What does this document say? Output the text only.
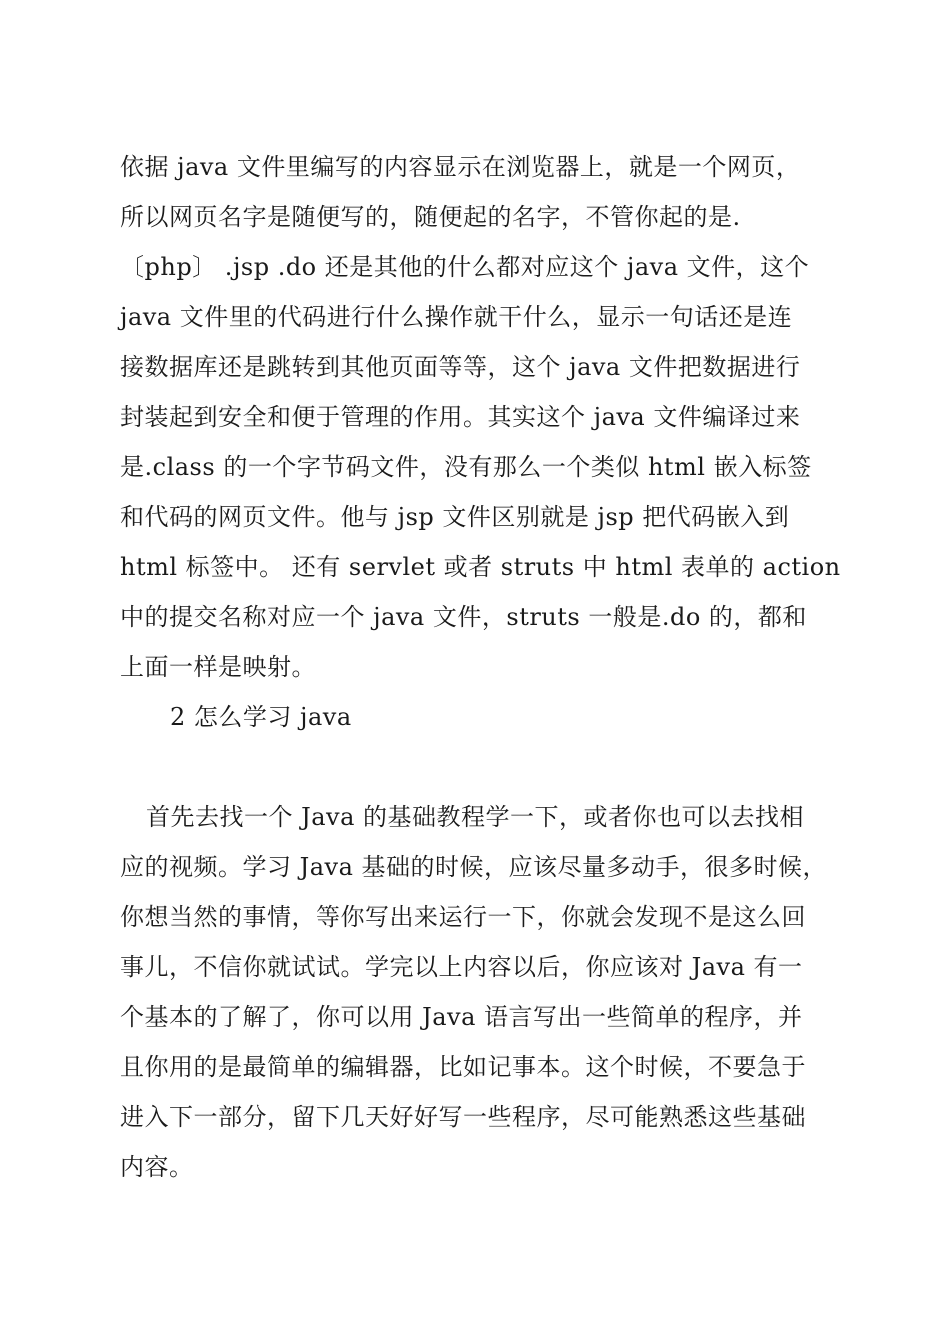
依据 java 文件里编写的内容显示在浏览器上，就是一个网页，
所以网页名字是随便写的，随便起的名字，不管你起的是.
〔php〕 .jsp .do 还是其他的什么都对应这个 java 文件，这个
java 文件里的代码进行什么操作就干什么，显示一句话还是连
接数据库还是跳转到其他页面等等，这个 java 文件把数据进行
封装起到安全和便于管理的作用。其实这个 java 文件编译过来
是.class 的一个字节码文件，没有那么一个类似 html 嵌入标签
和代码的网页文件。他与 jsp 文件区别就是 jsp 把代码嵌入到
html 标签中。 还有 servlet 或者 struts 中 html 表单的 action
中的提交名称对应一个 java 文件，struts 一般是.do 的，都和
上面一样是映射。
2 怎么学习 java
首先去找一个 Java 的基础教程学一下，或者你也可以去找相
应的视频。学习 Java 基础的时候，应该尽量多动手，很多时候，
你想当然的事情，等你写出来运行一下，你就会发现不是这么回
事儿，不信你就试试。学完以上内容以后，你应该对 Java 有一
个基本的了解了，你可以用 Java 语言写出一些简单的程序，并
且你用的是最简单的编辑器，比如记事本。这个时候，不要急于
进入下一部分，留下几天好好写一些程序，尽可能熟悉这些基础
内容。
